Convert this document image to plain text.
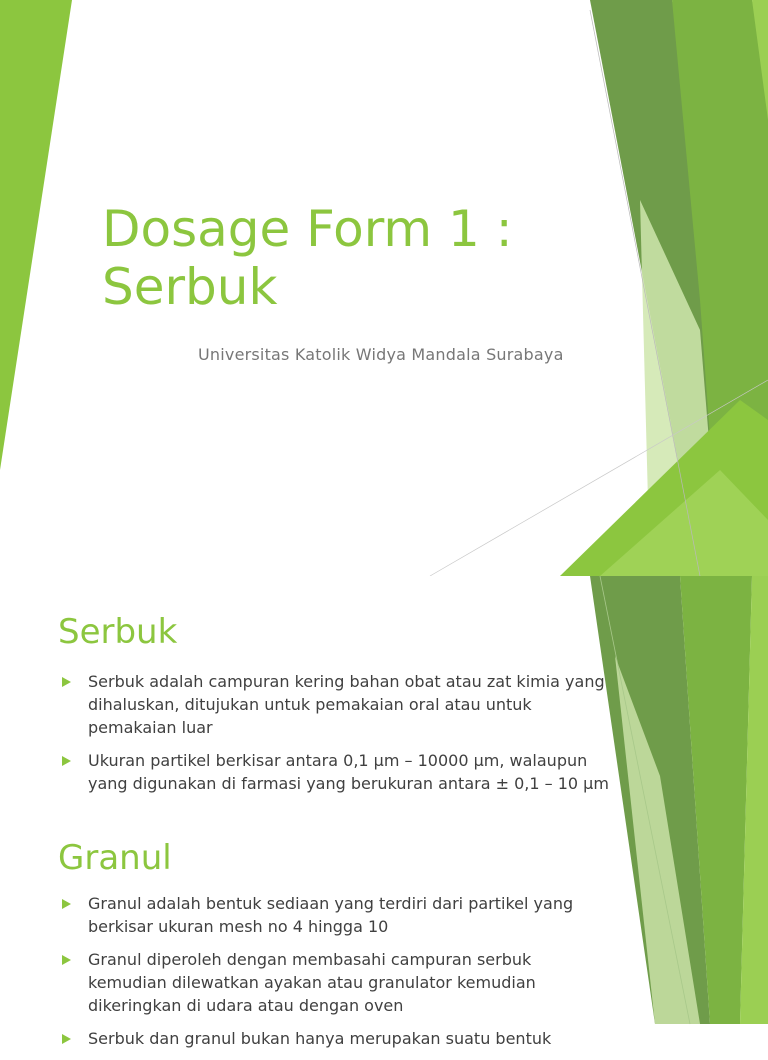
Dosage Form 1 :
Serbuk

Universitas Katolik Widya Mandala Surabaya

Serbuk
Serbuk adalah campuran kering bahan obat atau zat kimia yang dihaluskan, ditujukan untuk pemakaian oral atau untuk pemakaian luar
Ukuran partikel berkisar antara 0,1 µm – 10000 µm, walaupun yang digunakan di farmasi yang berukuran antara ± 0,1 – 10 µm
Granul
Granul adalah bentuk sediaan yang terdiri dari partikel yang berkisar ukuran mesh no 4 hingga 10
Granul diperoleh dengan membasahi campuran serbuk kemudian dilewatkan ayakan atau granulator kemudian dikeringkan di udara atau dengan oven
Serbuk dan granul bukan hanya merupakan suatu bentuk
